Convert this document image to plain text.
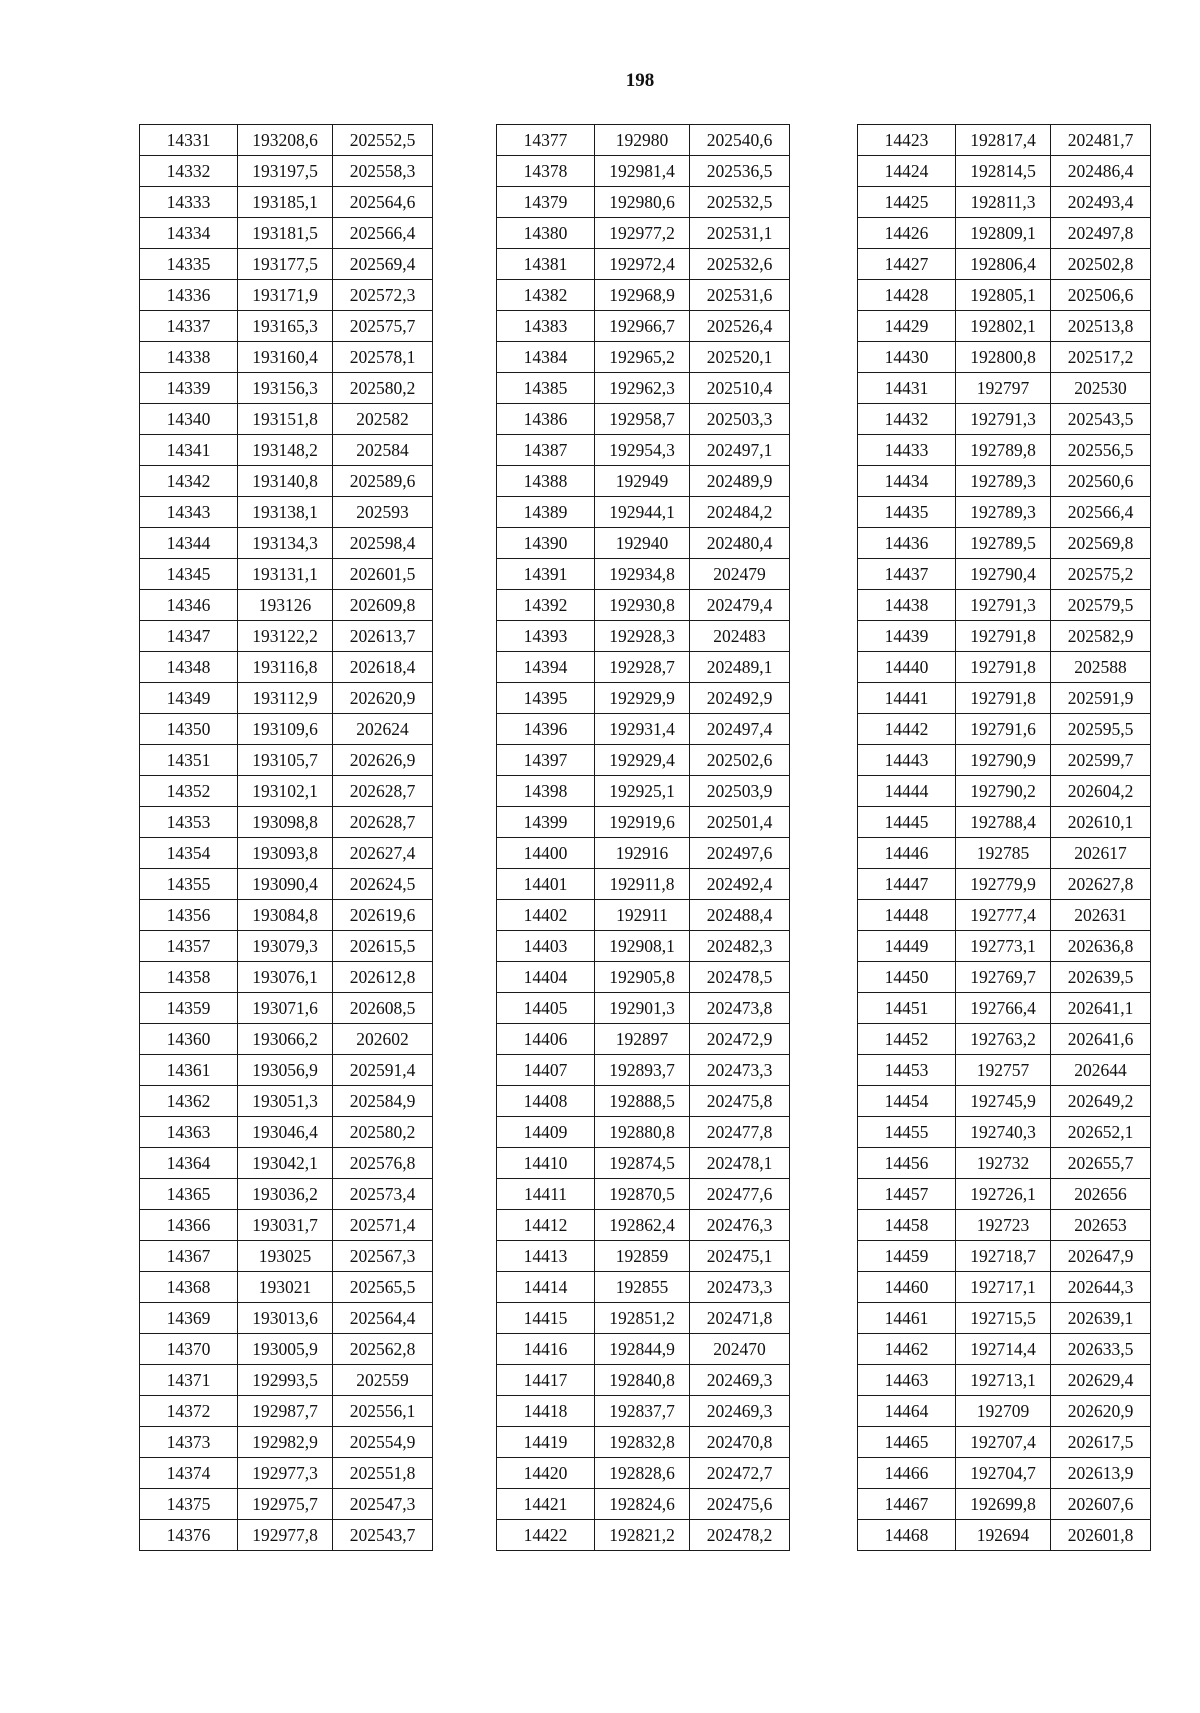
198
14331	193208,6	202552,5
14332	193197,5	202558,3
14333	193185,1	202564,6
14334	193181,5	202566,4
14335	193177,5	202569,4
14336	193171,9	202572,3
14337	193165,3	202575,7
14338	193160,4	202578,1
14339	193156,3	202580,2
14340	193151,8	202582
14341	193148,2	202584
14342	193140,8	202589,6
14343	193138,1	202593
14344	193134,3	202598,4
14345	193131,1	202601,5
14346	193126	202609,8
14347	193122,2	202613,7
14348	193116,8	202618,4
14349	193112,9	202620,9
14350	193109,6	202624
14351	193105,7	202626,9
14352	193102,1	202628,7
14353	193098,8	202628,7
14354	193093,8	202627,4
14355	193090,4	202624,5
14356	193084,8	202619,6
14357	193079,3	202615,5
14358	193076,1	202612,8
14359	193071,6	202608,5
14360	193066,2	202602
14361	193056,9	202591,4
14362	193051,3	202584,9
14363	193046,4	202580,2
14364	193042,1	202576,8
14365	193036,2	202573,4
14366	193031,7	202571,4
14367	193025	202567,3
14368	193021	202565,5
14369	193013,6	202564,4
14370	193005,9	202562,8
14371	192993,5	202559
14372	192987,7	202556,1
14373	192982,9	202554,9
14374	192977,3	202551,8
14375	192975,7	202547,3
14376	192977,8	202543,7
14377	192980	202540,6
14378	192981,4	202536,5
14379	192980,6	202532,5
14380	192977,2	202531,1
14381	192972,4	202532,6
14382	192968,9	202531,6
14383	192966,7	202526,4
14384	192965,2	202520,1
14385	192962,3	202510,4
14386	192958,7	202503,3
14387	192954,3	202497,1
14388	192949	202489,9
14389	192944,1	202484,2
14390	192940	202480,4
14391	192934,8	202479
14392	192930,8	202479,4
14393	192928,3	202483
14394	192928,7	202489,1
14395	192929,9	202492,9
14396	192931,4	202497,4
14397	192929,4	202502,6
14398	192925,1	202503,9
14399	192919,6	202501,4
14400	192916	202497,6
14401	192911,8	202492,4
14402	192911	202488,4
14403	192908,1	202482,3
14404	192905,8	202478,5
14405	192901,3	202473,8
14406	192897	202472,9
14407	192893,7	202473,3
14408	192888,5	202475,8
14409	192880,8	202477,8
14410	192874,5	202478,1
14411	192870,5	202477,6
14412	192862,4	202476,3
14413	192859	202475,1
14414	192855	202473,3
14415	192851,2	202471,8
14416	192844,9	202470
14417	192840,8	202469,3
14418	192837,7	202469,3
14419	192832,8	202470,8
14420	192828,6	202472,7
14421	192824,6	202475,6
14422	192821,2	202478,2
14423	192817,4	202481,7
14424	192814,5	202486,4
14425	192811,3	202493,4
14426	192809,1	202497,8
14427	192806,4	202502,8
14428	192805,1	202506,6
14429	192802,1	202513,8
14430	192800,8	202517,2
14431	192797	202530
14432	192791,3	202543,5
14433	192789,8	202556,5
14434	192789,3	202560,6
14435	192789,3	202566,4
14436	192789,5	202569,8
14437	192790,4	202575,2
14438	192791,3	202579,5
14439	192791,8	202582,9
14440	192791,8	202588
14441	192791,8	202591,9
14442	192791,6	202595,5
14443	192790,9	202599,7
14444	192790,2	202604,2
14445	192788,4	202610,1
14446	192785	202617
14447	192779,9	202627,8
14448	192777,4	202631
14449	192773,1	202636,8
14450	192769,7	202639,5
14451	192766,4	202641,1
14452	192763,2	202641,6
14453	192757	202644
14454	192745,9	202649,2
14455	192740,3	202652,1
14456	192732	202655,7
14457	192726,1	202656
14458	192723	202653
14459	192718,7	202647,9
14460	192717,1	202644,3
14461	192715,5	202639,1
14462	192714,4	202633,5
14463	192713,1	202629,4
14464	192709	202620,9
14465	192707,4	202617,5
14466	192704,7	202613,9
14467	192699,8	202607,6
14468	192694	202601,8
